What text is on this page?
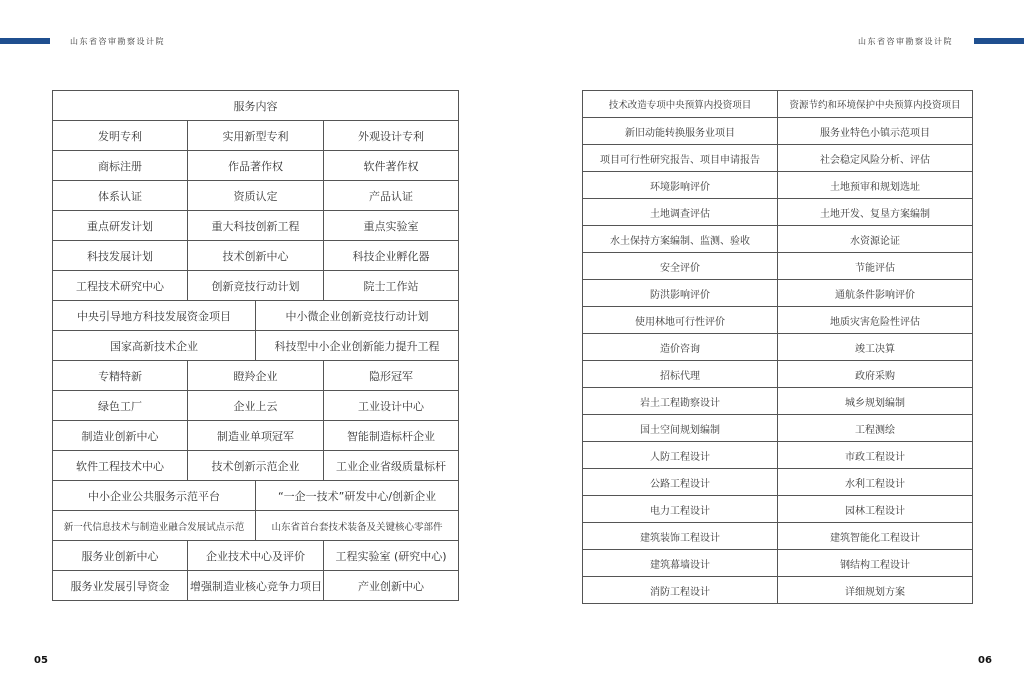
山东省咨审勘察设计院	山东省咨审勘察设计院
服务内容		
发明专利	实用新型专利	外观设计专利
商标注册	作品著作权	软件著作权
体系认证	资质认定	产品认证
重点研发计划	重大科技创新工程	重点实验室
科技发展计划	技术创新中心	科技企业孵化器
工程技术研究中心	创新竞技行动计划	院士工作站

中央引导地方科技发展资金项目 中小微企业创新竞技行动计划		

国家高新技术企业 科技型中小企业创新能力提升工程		

专精特新	瞪羚企业	隐形冠军
绿色工厂	企业上云	工业设计中心
制造业创新中心	制造业单项冠军	智能制造标杆企业
软件工程技术中心	技术创新示范企业	工业企业省级质量标杆

中小企业公共服务示范平台 “一企一技术”研发中心/创新企业		

新一代信息技术与制造业融合发展试点示范 山东省首台套技术装备及关键核心零部件		

服务业创新中心	企业技术中心及评价	工程实验室 (研究中心)
服务业发展引导资金	增强制造业核心竞争力项目	产业创新中心
技术改造专项中央预算内投资项目	资源节约和环境保护中央预算内投资项目
新旧动能转换服务业项目	服务业特色小镇示范项目
项目可行性研究报告、项目申请报告	社会稳定风险分析、评估
环境影响评价	土地预审和规划选址
土地调查评估	土地开发、复垦方案编制
水土保持方案编制、监测、验收	水资源论证
安全评价	节能评估
防洪影响评价	通航条件影响评价
使用林地可行性评价	地质灾害危险性评估
造价咨询	竣工决算
招标代理	政府采购
岩土工程勘察设计	城乡规划编制
国土空间规划编制	工程测绘
人防工程设计	市政工程设计
公路工程设计	水利工程设计
电力工程设计	园林工程设计
建筑装饰工程设计	建筑智能化工程设计
建筑幕墙设计	钢结构工程设计
消防工程设计	详细规划方案
05	06
